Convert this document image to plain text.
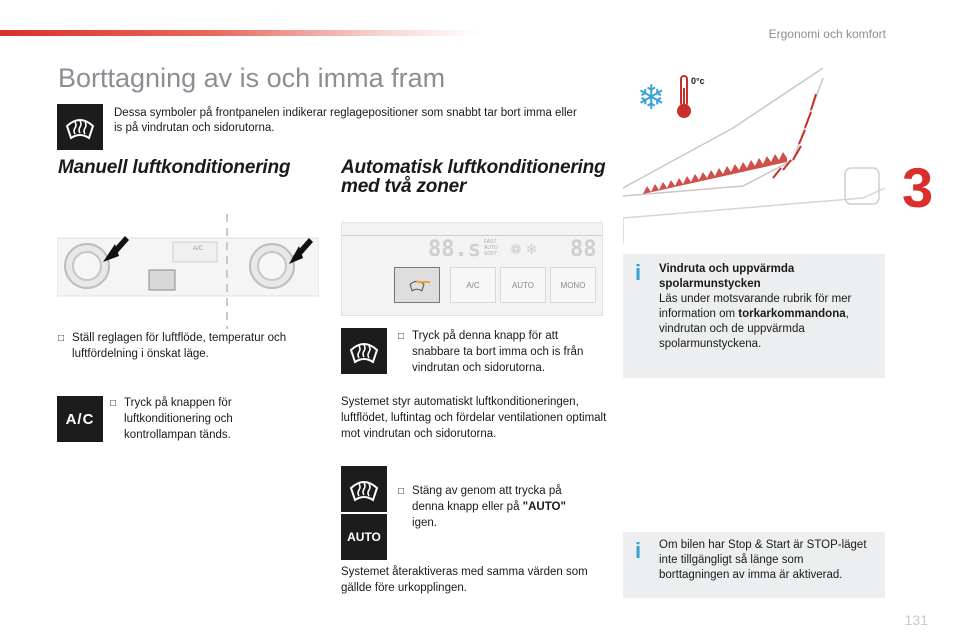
Ergonomi och komfort
3
Borttagning av is och imma fram
Dessa symboler på frontpanelen indikerar reglagepositioner som snabbt tar bort imma eller is på vindrutan och sidorutorna.
Manuell luftkonditionering
A/C
□ Ställ reglagen för luftflöde, temperatur och luftfördelning i önskat läge.
A/C
□ Tryck på knappen för luftkonditionering och kontrollampan tänds.
Automatisk luftkonditionering
med två zoner
88.s FAST
AUTO
SOFT ❁ ❄ 88
A/C	AUTO	MONO
□ Tryck på denna knapp för att snabbare ta bort imma och is från vindrutan och sidorutorna.
Systemet styr automatiskt luftkonditioneringen, luftflödet, luftintag och fördelar ventilationen optimalt mot vindrutan och sidorutorna.
AUTO
□ Stäng av genom att trycka på denna knapp eller på "AUTO" igen.
Systemet återaktiveras med samma värden som gällde före urkopplingen.
❄	0°c
i Vindruta och uppvärmda spolarmunstycken
Läs under motsvarande rubrik för mer information om torkarkommandona, vindrutan och de uppvärmda spolarmunstyckena.
i Om bilen har Stop & Start är STOP-läget inte tillgängligt så länge som borttagningen av imma är aktiverad.
131
